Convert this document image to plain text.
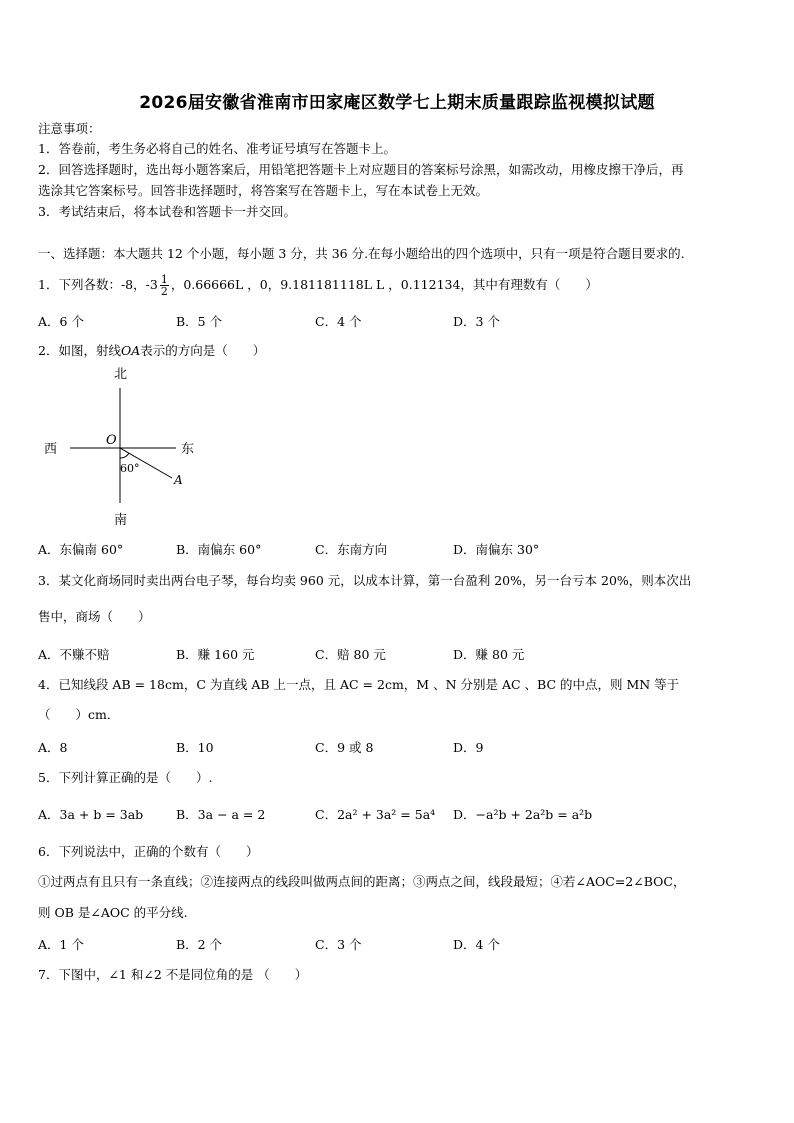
2026届安徽省淮南市田家庵区数学七上期末质量跟踪监视模拟试题
注意事项：
1．答卷前，考生务必将自己的姓名、准考证号填写在答题卡上。
2．回答选择题时，选出每小题答案后，用铅笔把答题卡上对应题目的答案标号涂黑，如需改动，用橡皮擦干净后，再
选涂其它答案标号。回答非选择题时，将答案写在答题卡上，写在本试卷上无效。
3．考试结束后，将本试卷和答题卡一并交回。
一、选择题：本大题共 12 个小题，每小题 3 分，共 36 分.在每小题给出的四个选项中，只有一项是符合题目要求的.
1．下列各数：-8，$-3 \frac{1}{2}$ ，0.66666L ，0，9.181181118L L ，0.112134，其中有理数有（　　）
A．6 个	B．5 个	C．4 个	D．3 个
2．如图，射线OA表示的方向是（　　）
北
南
西	东
O
A
60°
A．东偏南 60°	B．南偏东 60°	C．东南方向	D．南偏东 30°
3．某文化商场同时卖出两台电子琴，每台均卖 960 元，以成本计算，第一台盈利 20%，另一台亏本 20%，则本次出
售中，商场（　　）
A．不赚不赔	B．赚 160 元	C．赔 80 元	D．赚 80 元
4．已知线段 AB = 18cm，C 为直线 AB 上一点，且 AC = 2cm，M 、N 分别是 AC 、BC 的中点，则 MN 等于
（　　）cm．
A．8	B．10	C．9 或 8	D．9
5．下列计算正确的是（　　）.
A．3a + b = 3ab	B．3a − a = 2	C．2a² + 3a² = 5a⁴ D．−a²b + 2a²b = a²b
6．下列说法中，正确的个数有（　　）
①过两点有且只有一条直线；②连接两点的线段叫做两点间的距离；③两点之间，线段最短；④若∠AOC=2∠BOC，
则 OB 是∠AOC 的平分线.
A．1 个	B．2 个	C．3 个	D．4 个
7．下图中，∠1 和∠2 不是同位角的是 （　　）
